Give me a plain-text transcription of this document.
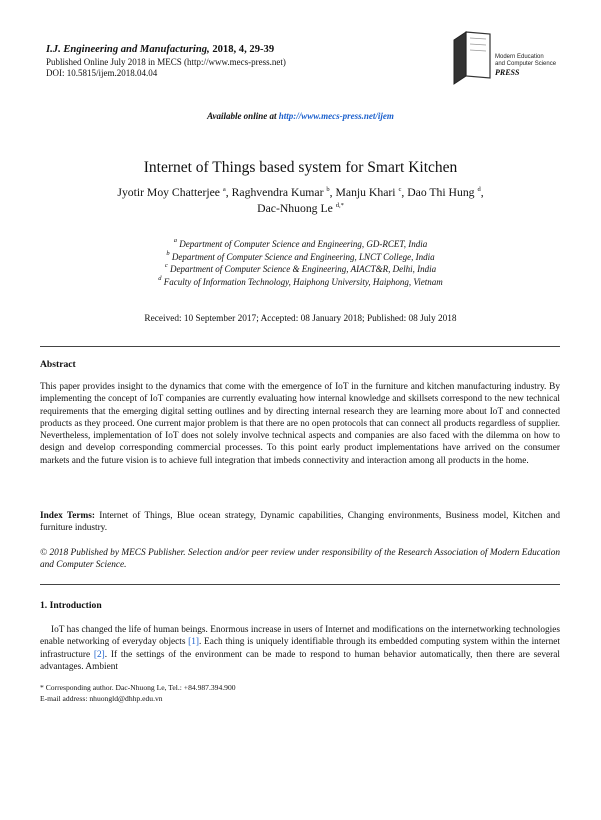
I.J. Engineering and Manufacturing, 2018, 4, 29-39
Published Online July 2018 in MECS (http://www.mecs-press.net)
DOI: 10.5815/ijem.2018.04.04
Modern Education
and Computer Science
PRESS
Available online at http://www.mecs-press.net/ijem
Internet of Things based system for Smart Kitchen
Jyotir Moy Chatterjee $^a$, Raghvendra Kumar $^b$, Manju Khari $^c$, Dao Thi Hung $^d$,
Dac-Nhuong Le $^{d,*}$
$^a$ Department of Computer Science and Engineering, GD-RCET, India
$^b$ Department of Computer Science and Engineering, LNCT College, India
$^c$ Department of Computer Science & Engineering, AIACT&R, Delhi, India
$^d$ Faculty of Information Technology, Haiphong University, Haiphong, Vietnam
Received: 10 September 2017; Accepted: 08 January 2018; Published: 08 July 2018
Abstract
This paper provides insight to the dynamics that come with the emergence of IoT in the furniture and kitchen manufacturing industry. By implementing the concept of IoT companies are currently evaluating how internal knowledge and skillsets correspond to the new technical requirements that the emerging digital setting outlines and by directing internal research they are learning more about IoT and connected products as they proceed. One current major problem is that there are no open protocols that can connect all products regardless of supplier. Nevertheless, implementation of IoT does not solely involve technical aspects and companies are also faced with the dilemma on how to design and develop corresponding commercial processes. To this point early product implementations have arrived on the consumer markets and the future vision is to achieve full integration that imbeds connectivity and interaction among all products in the home.
Index Terms: Internet of Things, Blue ocean strategy, Dynamic capabilities, Changing environments, Business model, Kitchen and furniture industry.
© 2018 Published by MECS Publisher. Selection and/or peer review under responsibility of the Research Association of Modern Education and Computer Science.
1. Introduction
IoT has changed the life of human beings. Enormous increase in users of Internet and modifications on the internetworking technologies enable networking of everyday objects [1]. Each thing is uniquely identifiable through its embedded computing system within the internet infrastructure [2]. If the settings of the environment can be made to respond to human behavior automatically, then there are several advantages. Ambient
* Corresponding author. Dac-Nhuong Le, Tel.: +84.987.394.900
E-mail address: nhuongld@dhhp.edu.vn
